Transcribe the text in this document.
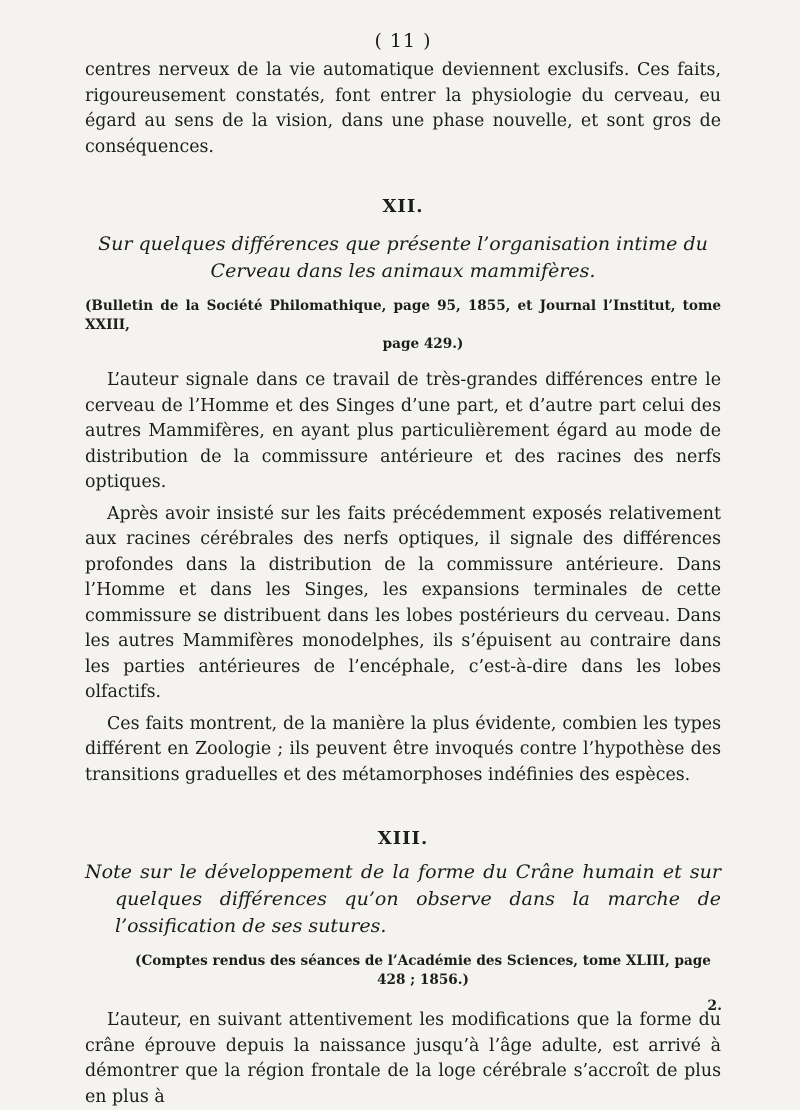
( 11 )

centres nerveux de la vie automatique deviennent exclusifs. Ces faits, rigoureusement constatés, font entrer la physiologie du cerveau, eu égard au sens de la vision, dans une phase nouvelle, et sont gros de conséquences.

XII.
Sur quelques différences que présente l’organisation intime du
Cerveau dans les animaux mammifères.
(Bulletin de la Société Philomathique, page 95, 1855, et Journal l’Institut, tome XXIII,
page 429.)

L’auteur signale dans ce travail de très-grandes différences entre le cerveau de l’Homme et des Singes d’une part, et d’autre part celui des autres Mammifères, en ayant plus particulièrement égard au mode de distribution de la commissure antérieure et des racines des nerfs optiques.

Après avoir insisté sur les faits précédemment exposés relativement aux racines cérébrales des nerfs optiques, il signale des différences profondes dans la distribution de la commissure antérieure. Dans l’Homme et dans les Singes, les expansions terminales de cette commissure se distribuent dans les lobes postérieurs du cerveau. Dans les autres Mammifères monodelphes, ils s’épuisent au contraire dans les parties antérieures de l’encéphale, c’est-à-dire dans les lobes olfactifs.

Ces faits montrent, de la manière la plus évidente, combien les types différent en Zoologie ; ils peuvent être invoqués contre l’hypothèse des transitions graduelles et des métamorphoses indéfinies des espèces.

XIII.

Note sur le développement de la forme du Crâne humain et sur quelques différences qu’on observe dans la marche de l’ossification de ses sutures.

(Comptes rendus des séances de l’Académie des Sciences, tome XLIII, page 428 ; 1856.)

L’auteur, en suivant attentivement les modifications que la forme du crâne éprouve depuis la naissance jusqu’à l’âge adulte, est arrivé à démontrer que la région frontale de la loge cérébrale s’accroît de plus en plus à

2.
